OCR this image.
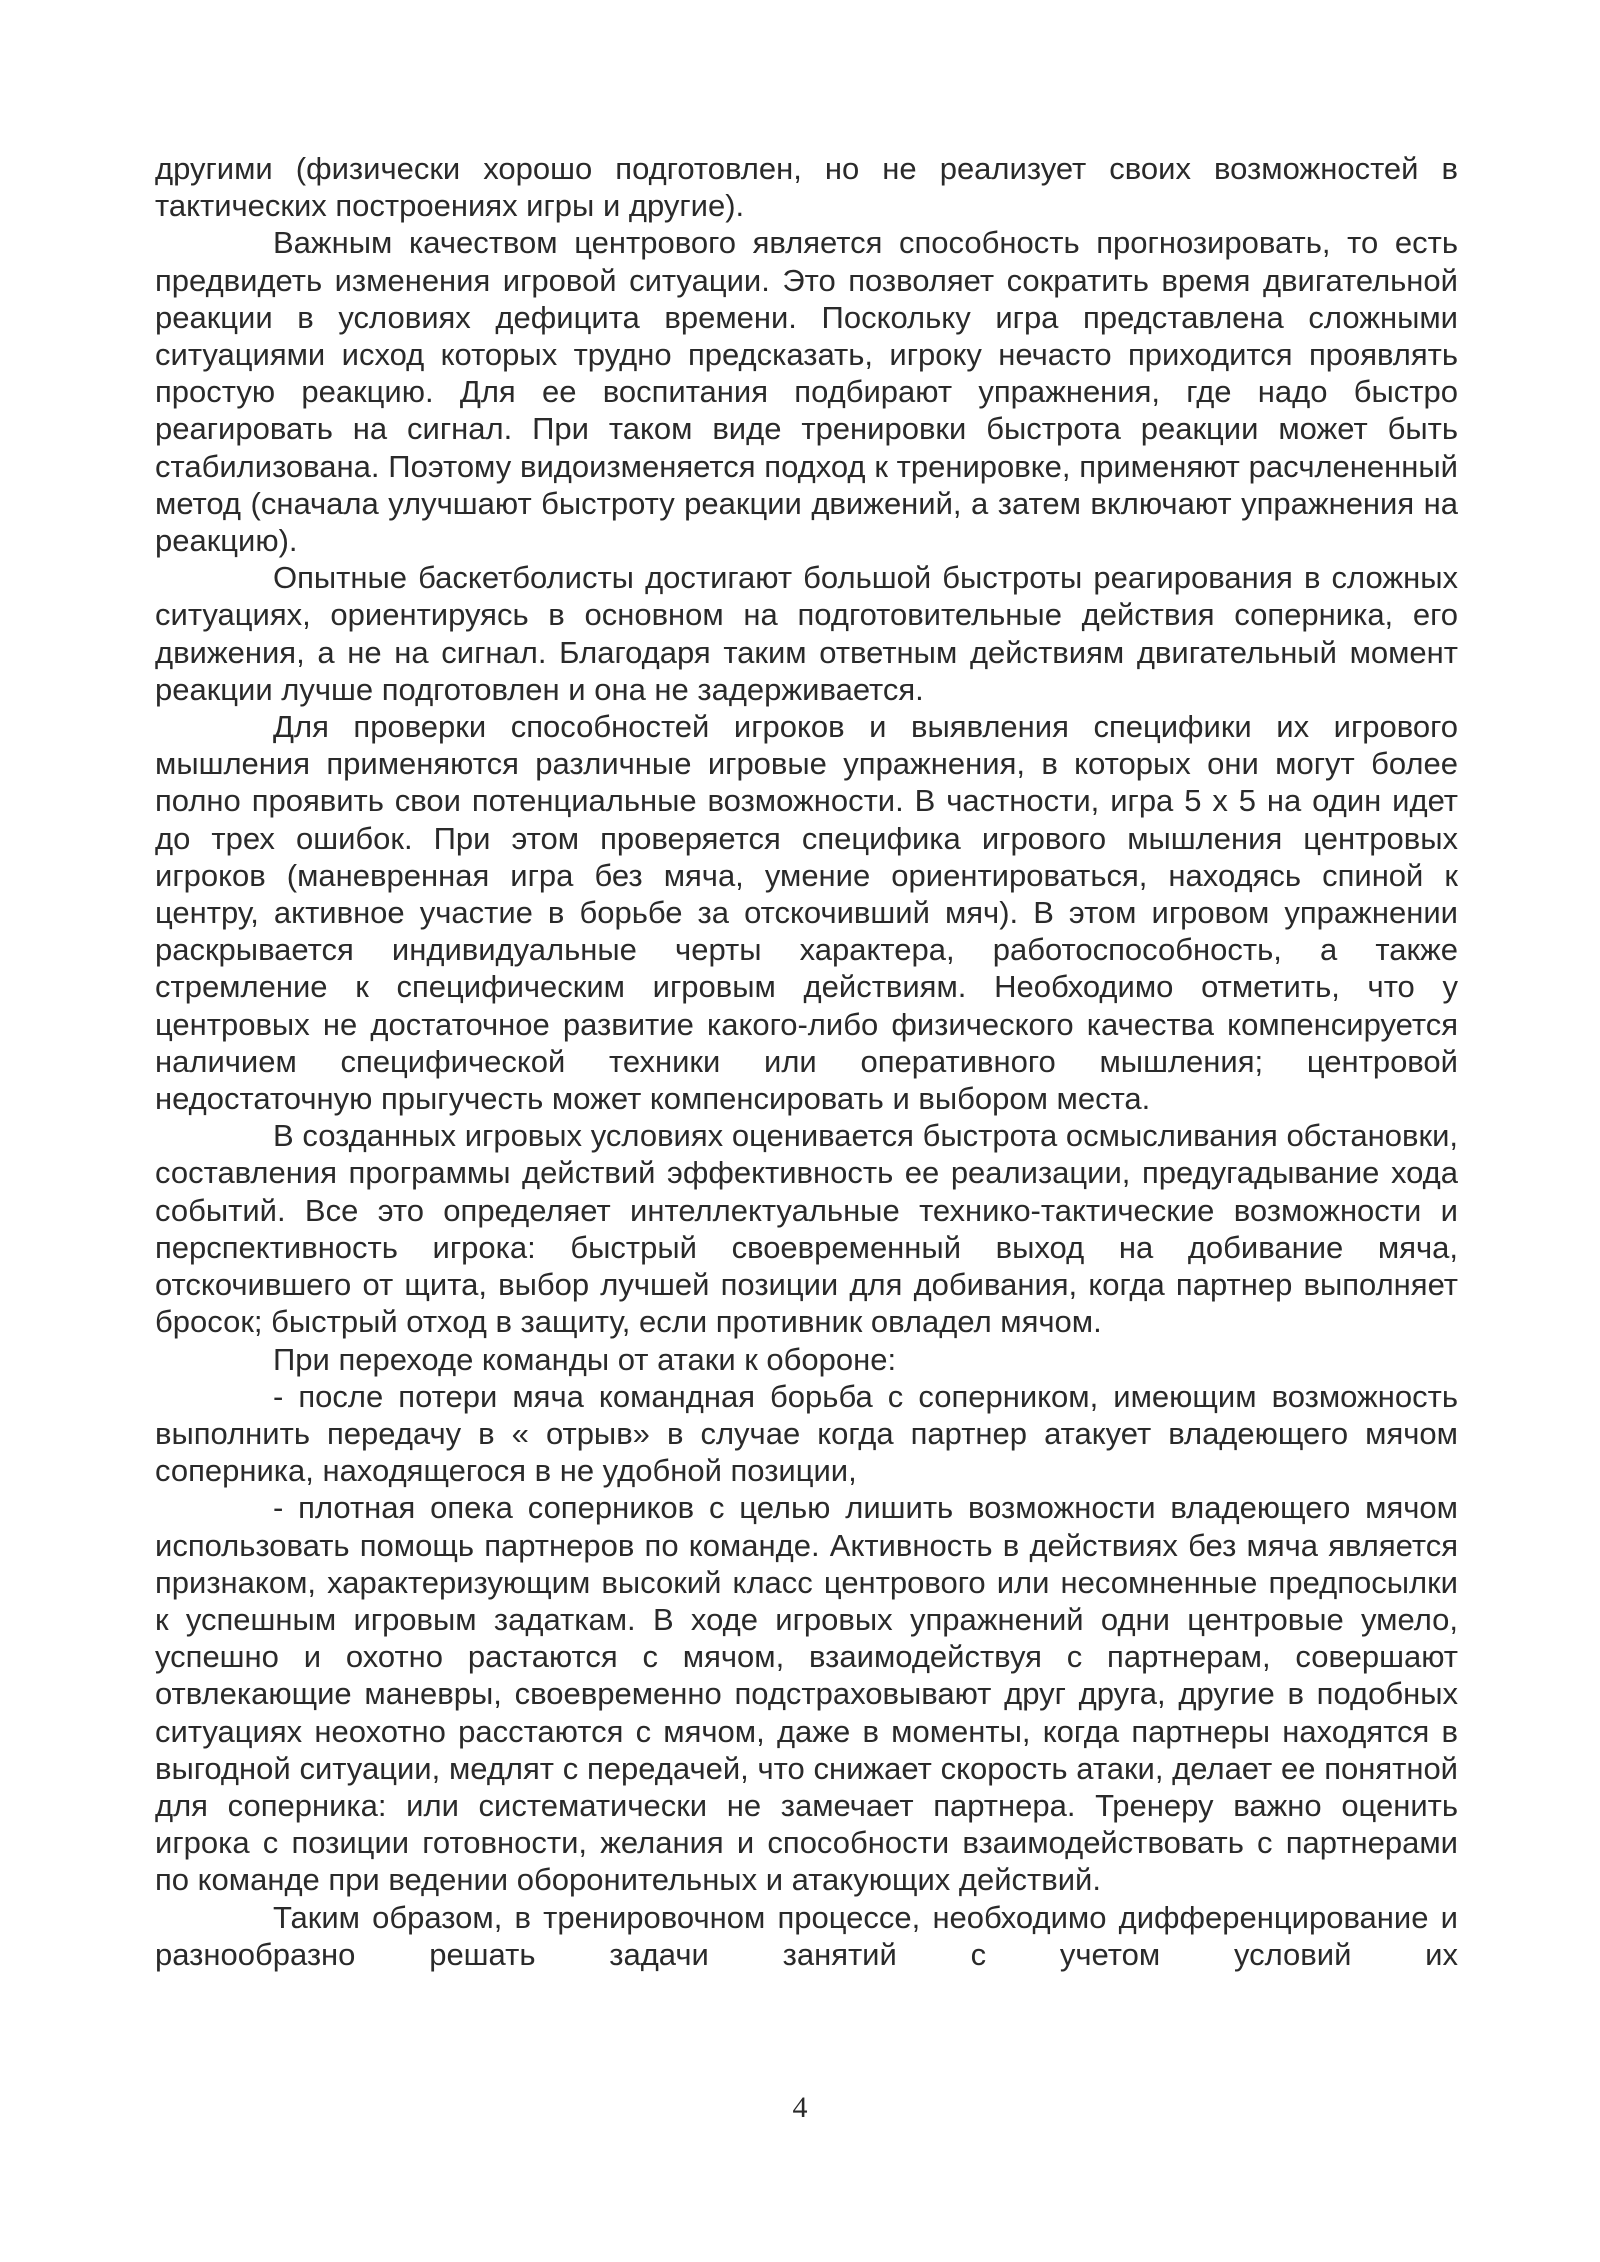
другими (физически хорошо подготовлен, но не реализует своих возможностей в тактических построениях игры и другие).

Важным качеством центрового является способность прогнозировать, то есть предвидеть изменения игровой ситуации. Это позволяет сократить время двигательной реакции в условиях дефицита времени. Поскольку игра представлена сложными ситуациями исход которых трудно предсказать, игроку нечасто приходится проявлять простую реакцию. Для ее воспитания подбирают упражнения, где надо быстро реагировать на сигнал. При таком виде тренировки быстрота реакции может быть стабилизована. Поэтому видоизменяется подход к тренировке, применяют расчлененный метод (сначала улучшают быстроту реакции движений, а затем включают упражнения на реакцию).

Опытные баскетболисты достигают большой быстроты реагирования в сложных ситуациях, ориентируясь в основном на подготовительные действия соперника, его движения, а не на сигнал. Благодаря таким ответным действиям двигательный момент реакции лучше подготовлен и она не задерживается.

Для проверки способностей игроков и выявления специфики их игрового мышления применяются различные игровые упражнения, в которых они могут более полно проявить свои потенциальные возможности. В частности, игра 5 х 5 на один идет до трех ошибок. При этом проверяется специфика игрового мышления центровых игроков (маневренная игра без мяча, умение ориентироваться, находясь спиной к центру, активное участие в борьбе за отскочивший мяч). В этом игровом упражнении раскрывается индивидуальные черты характера, работоспособность, а также стремление к специфическим игровым действиям. Необходимо отметить, что у центровых не достаточное развитие какого-либо физического качества компенсируется наличием специфической техники или оперативного мышления; центровой недостаточную прыгучесть может компенсировать и выбором места.

В созданных игровых условиях оценивается быстрота осмысливания обстановки, составления программы действий эффективность ее реализации, предугадывание хода событий. Все это определяет интеллектуальные технико-тактические возможности и перспективность игрока: быстрый своевременный выход на добивание мяча, отскочившего от щита, выбор лучшей позиции для добивания, когда партнер выполняет бросок; быстрый отход в защиту, если противник овладел мячом.

При переходе команды от атаки к обороне:

- после потери мяча командная борьба с соперником, имеющим возможность выполнить передачу в « отрыв» в случае когда партнер атакует владеющего мячом соперника, находящегося в не удобной позиции,

- плотная опека соперников с целью лишить возможности владеющего мячом использовать помощь партнеров по команде. Активность в действиях без мяча является признаком, характеризующим высокий класс центрового или несомненные предпосылки к успешным игровым задаткам. В ходе игровых упражнений одни центровые умело, успешно и охотно растаются с мячом, взаимодействуя с партнерам, совершают отвлекающие маневры, своевременно подстраховывают друг друга, другие в подобных ситуациях неохотно расстаются с мячом, даже в моменты, когда партнеры находятся в выгодной ситуации, медлят с передачей, что снижает скорость атаки, делает ее понятной для соперника: или систематически не замечает партнера. Тренеру важно оценить игрока с позиции готовности, желания и способности взаимодействовать с партнерами по команде при ведении оборонительных и атакующих действий.

Таким образом, в тренировочном процессе, необходимо дифференцирование и разнообразно решать задачи занятий с учетом условий их

4
